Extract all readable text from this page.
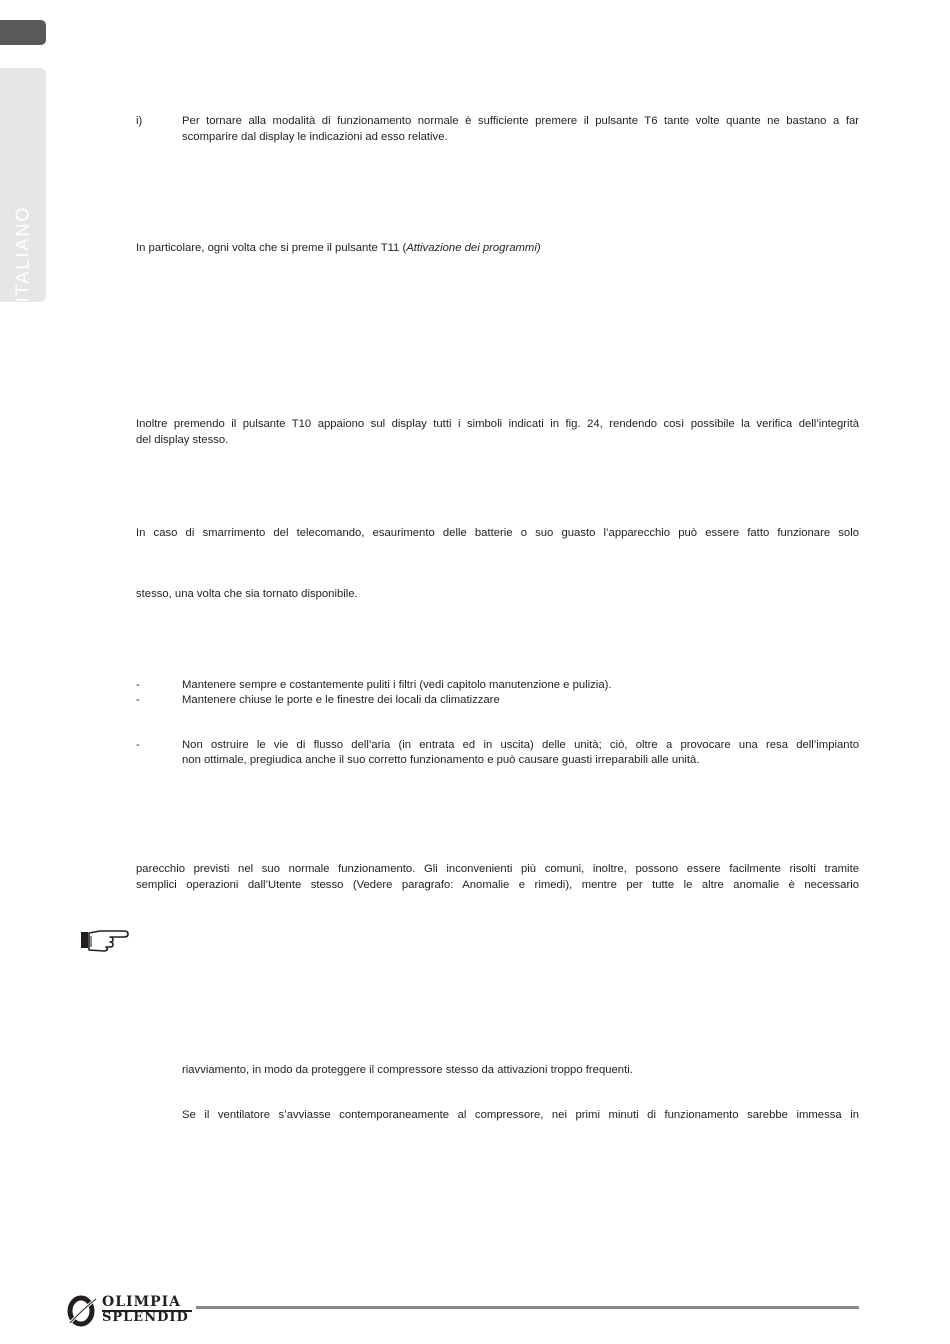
ITALIANO

i)	Per tornare alla modalità di funzionamento normale è sufficiente premere il pulsante T6 tante volte quante ne bastano a far

scomparire dal display le indicazioni ad esso relative.

In particolare, ogni volta che si preme il pulsante T11 (Attivazione dei programmi)

Inoltre premendo il pulsante T10 appaiono sul display tutti i simboli indicati in fig. 24, rendendo così possibile la verifica dell’integrità

del display stesso.

In caso di smarrimento del telecomando, esaurimento delle batterie o suo guasto l’apparecchio può essere fatto funzionare solo

stesso, una volta che sia tornato disponibile.

-	Mantenere sempre e costantemente puliti i filtri (vedi capitolo manutenzione e pulizia).

-	Mantenere chiuse le porte e le finestre dei locali da climatizzare

-	Non ostruire le vie di flusso dell’aria (in entrata ed in uscita) delle unità; ciò, oltre a provocare una resa dell’impianto

non ottimale, pregiudica anche il suo corretto funzionamento e può causare guasti irreparabili alle unità.

parecchio previsti nel suo normale funzionamento. Gli inconvenienti più comuni, inoltre, possono essere facilmente risolti tramite

semplici operazioni dall’Utente stesso (Vedere paragrafo: Anomalie e rimedi), mentre per tutte le altre anomalie è necessario

riavviamento, in modo da proteggere il compressore stesso da attivazioni troppo frequenti.

Se il ventilatore s’avviasse contemporaneamente al compressore, nei primi minuti di funzionamento sarebbe immessa in

OLIMPIA
SPLENDID
